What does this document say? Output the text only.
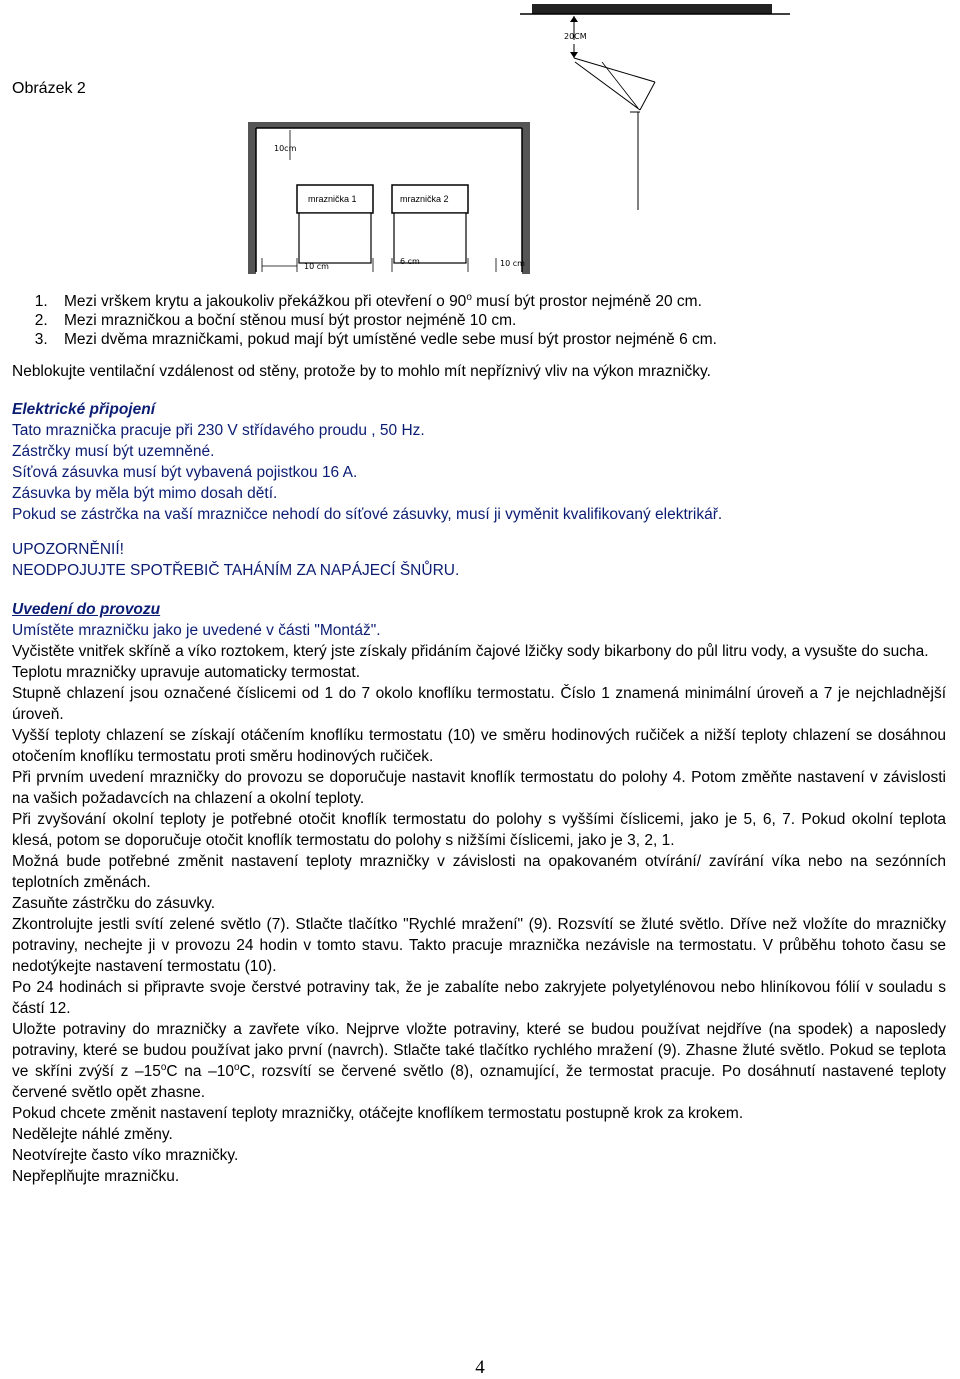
Obrázek 2
20CM
10cm
mraznička 1	mraznička 2
10 cm
6 cm	10 cm
1. Mezi vrškem krytu a jakoukoliv překážkou při otevření o 90$^o$ musí být prostor nejméně 20 cm.
2. Mezi mrazničkou a boční stěnou musí být prostor nejméně 10 cm.
3. Mezi dvěma mrazničkami, pokud mají být umístěné vedle sebe musí být prostor nejméně 6 cm.

Neblokujte ventilační vzdálenost od stěny, protože by to mohlo mít nepříznivý vliv na výkon mrazničky.

Elektrické připojení

Tato mraznička pracuje při 230 V střídavého proudu , 50 Hz.

Zástrčky musí být uzemněné.

Síťová zásuvka musí být vybavená pojistkou 16 A.

Zásuvka by měla být mimo dosah dětí.

Pokud se zástrčka na vaší mrazničce nehodí do síťové zásuvky, musí ji vyměnit kvalifikovaný elektrikář.

UPOZORNĚNIÍ!

NEODPOJUJTE SPOTŘEBIČ TAHÁNÍM ZA NAPÁJECÍ ŠNŮRU.

Uvedení do provozu

Umístěte mrazničku jako je uvedené v části "Montáž".

Vyčistěte vnitřek skříně a víko roztokem, který jste získaly přidáním čajové lžičky sody bikarbony do půl litru vody, a vysušte do sucha.

Teplotu mrazničky upravuje automaticky termostat.

Stupně chlazení jsou označené číslicemi od 1 do 7 okolo knoflíku termostatu. Číslo 1 znamená minimální úroveň a 7 je nejchladnější úroveň.

Vyšší teploty chlazení se získají otáčením knoflíku termostatu (10) ve směru hodinových ručiček a nižší teploty chlazení se dosáhnou otočením knoflíku termostatu proti směru hodinových ručiček.

Při prvním uvedení mrazničky do provozu se doporučuje nastavit knoflík termostatu do polohy 4. Potom změňte nastavení v závislosti na vašich požadavcích na chlazení a okolní teploty.

Při zvyšování okolní teploty je potřebné otočit knoflík termostatu do polohy s vyššími číslicemi, jako je 5, 6, 7. Pokud okolní teplota klesá, potom se doporučuje otočit knoflík termostatu do polohy s nižšími číslicemi, jako je 3, 2, 1.

Možná bude potřebné změnit nastavení teploty mrazničky v závislosti na opakovaném otvírání/ zavírání víka nebo na sezónních teplotních změnách.

Zasuňte zástrčku do zásuvky.

Zkontrolujte jestli svítí zelené světlo (7). Stlačte tlačítko "Rychlé mražení" (9). Rozsvítí se žluté světlo. Dříve než vložíte do mrazničky potraviny, nechejte ji v provozu 24 hodin v tomto stavu. Takto pracuje mraznička nezávisle na termostatu. V průběhu tohoto času se nedotýkejte nastavení termostatu (10).

Po 24 hodinách si připravte svoje čerstvé potraviny tak, že je zabalíte nebo zakryjete polyetylénovou nebo hliníkovou fólií v souladu s částí 12.

Uložte potraviny do mrazničky a zavřete víko. Nejprve vložte potraviny, které se budou používat nejdříve (na spodek) a naposledy potraviny, které se budou používat jako první (navrch). Stlačte také tlačítko rychlého mražení (9). Zhasne žluté světlo. Pokud se teplota ve skříni zvýší z –15$^o$C na –10$^o$C, rozsvítí se červené světlo (8), oznamující, že termostat pracuje. Po dosáhnutí nastavené teploty červené světlo opět zhasne.

Pokud chcete změnit nastavení teploty mrazničky, otáčejte knoflíkem termostatu postupně krok za krokem.

Nedělejte náhlé změny.

Neotvírejte často víko mrazničky.

Nepřeplňujte mrazničku.

4
